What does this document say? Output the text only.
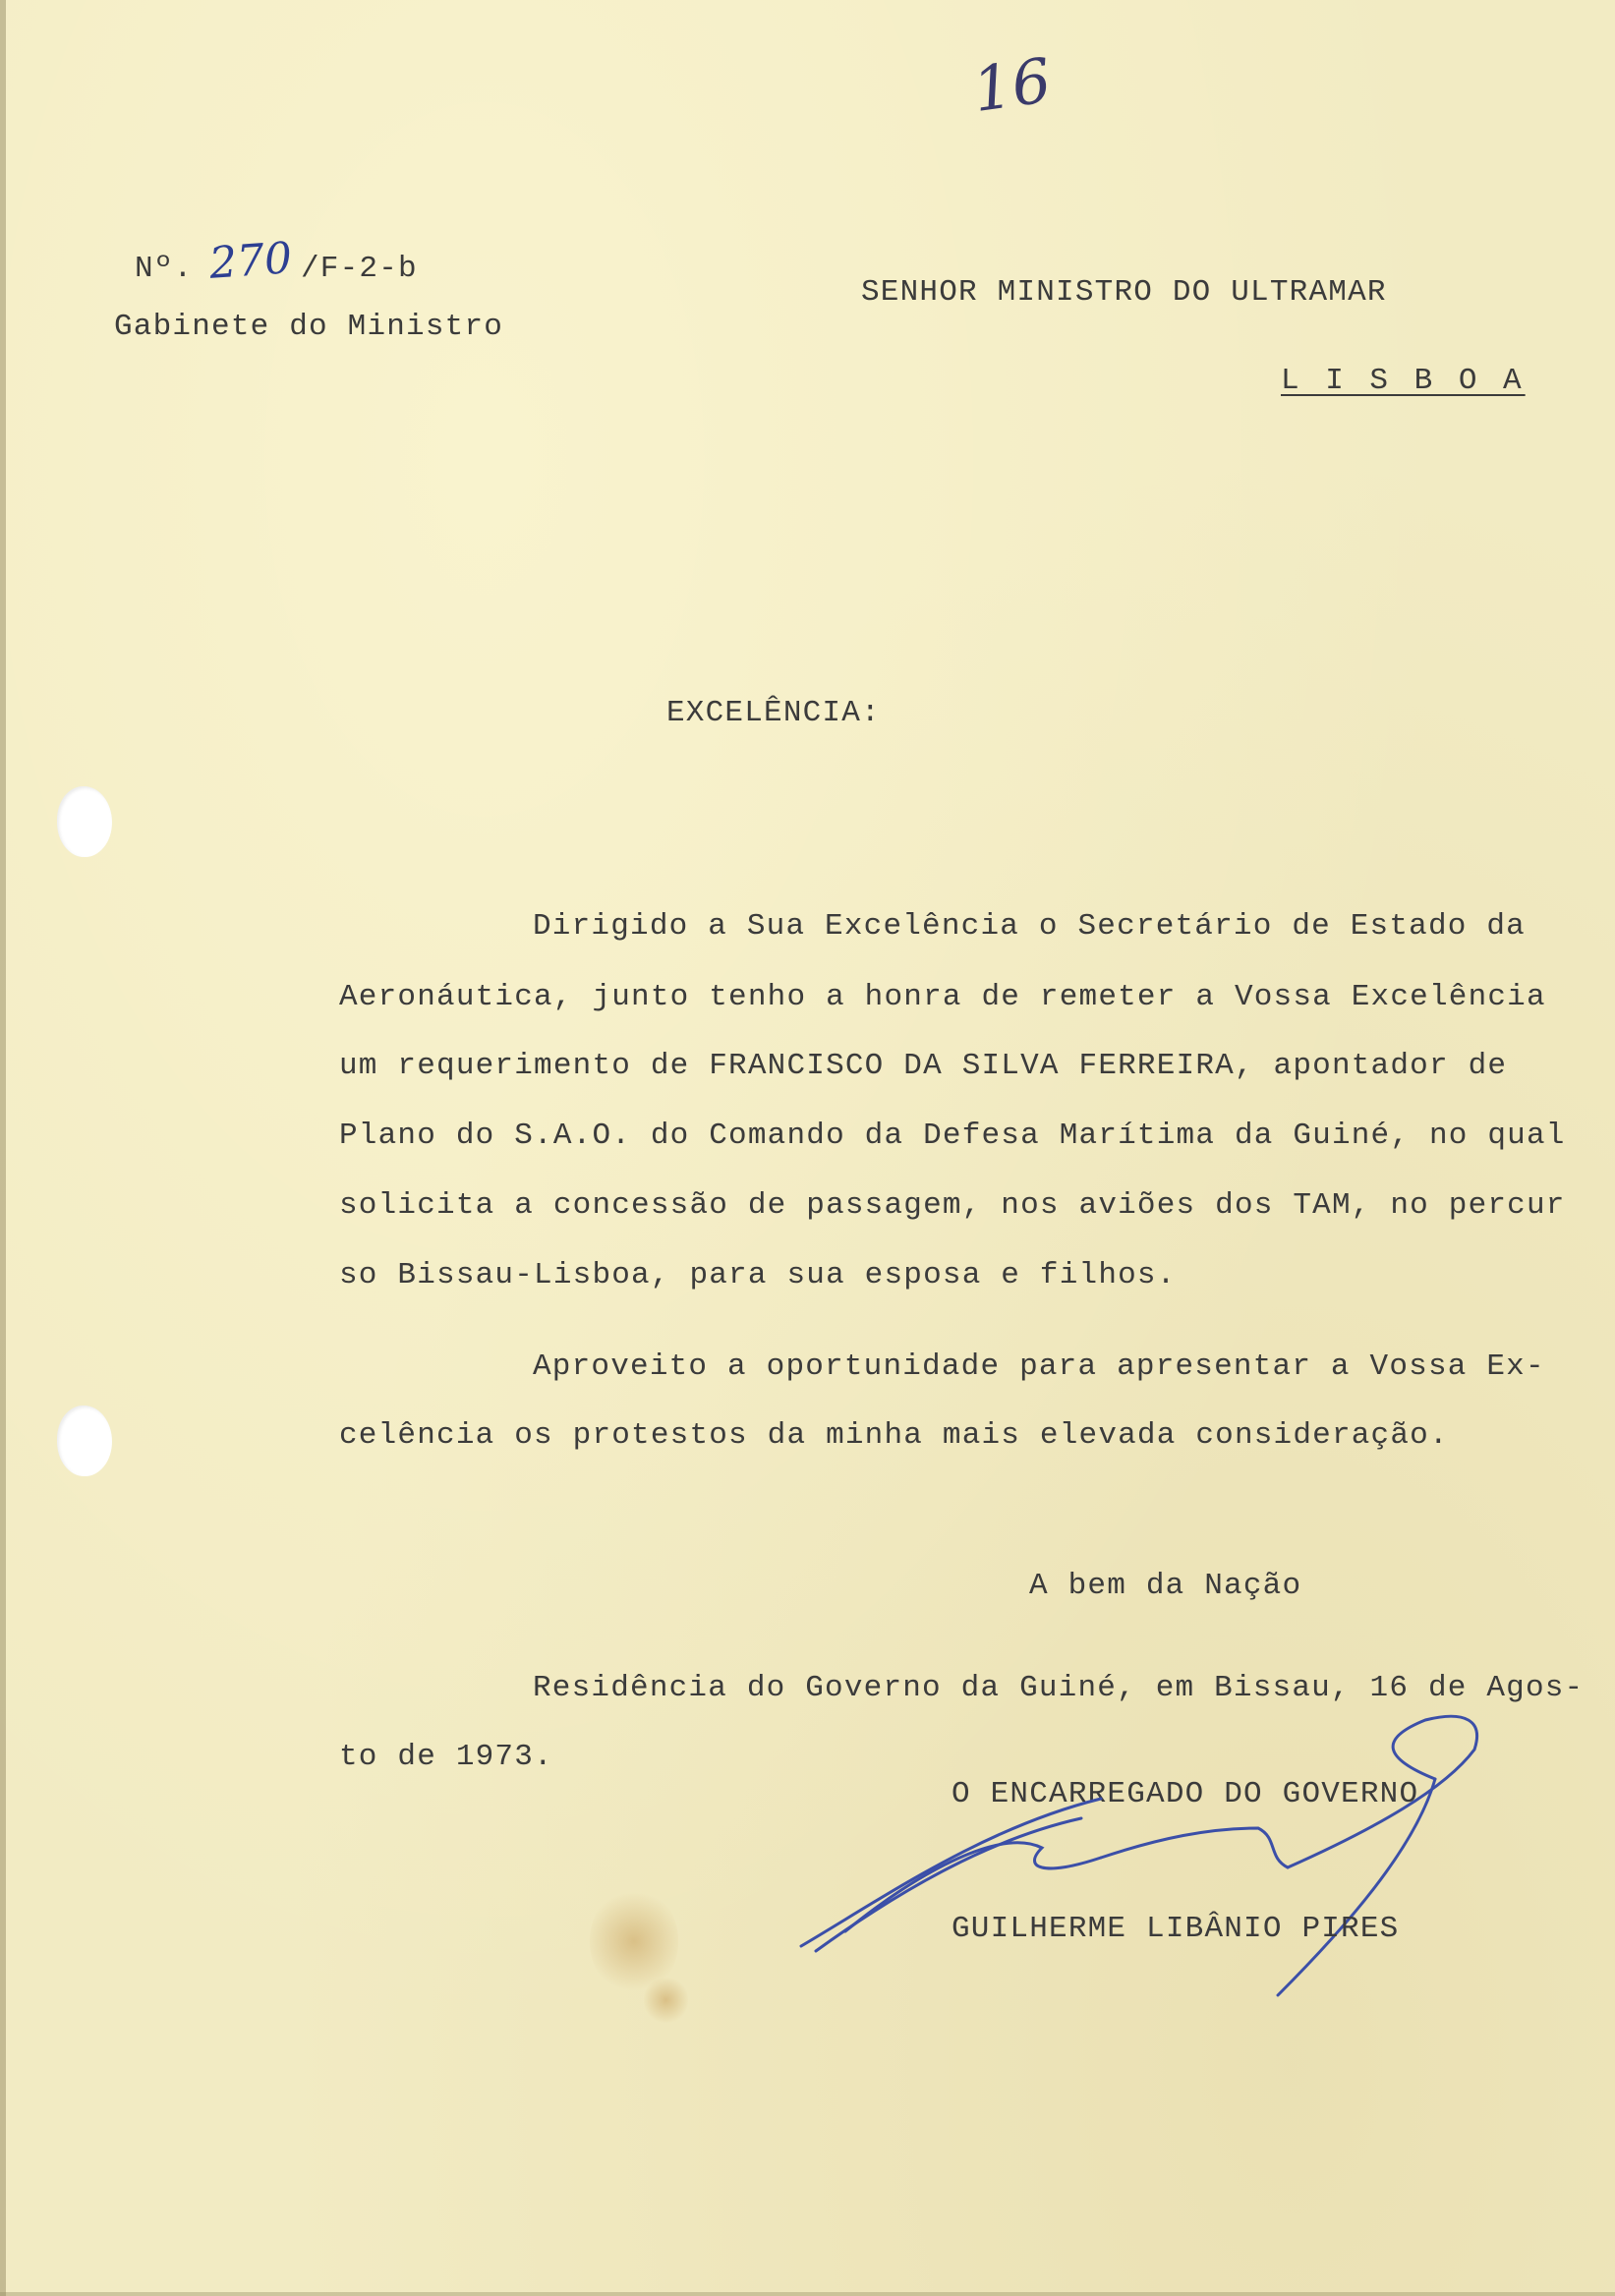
16
Nº. 270 /F-2-b
Gabinete do Ministro
SENHOR MINISTRO DO ULTRAMAR
L I S B O A
EXCELÊNCIA:
Dirigido a Sua Excelência o Secretário de Estado da
Aeronáutica, junto tenho a honra de remeter a Vossa Excelência
um requerimento de FRANCISCO DA SILVA FERREIRA, apontador de
Plano do S.A.O. do Comando da Defesa Marítima da Guiné, no qual
solicita a concessão de passagem, nos aviões dos TAM, no percur
so Bissau-Lisboa, para sua esposa e filhos.
Aproveito a oportunidade para apresentar a Vossa Ex-
celência os protestos da minha mais elevada consideração.
A bem da Nação
Residência do Governo da Guiné, em Bissau, 16 de Agos-
to de 1973.
O ENCARREGADO DO GOVERNO
GUILHERME LIBÂNIO PIRES
